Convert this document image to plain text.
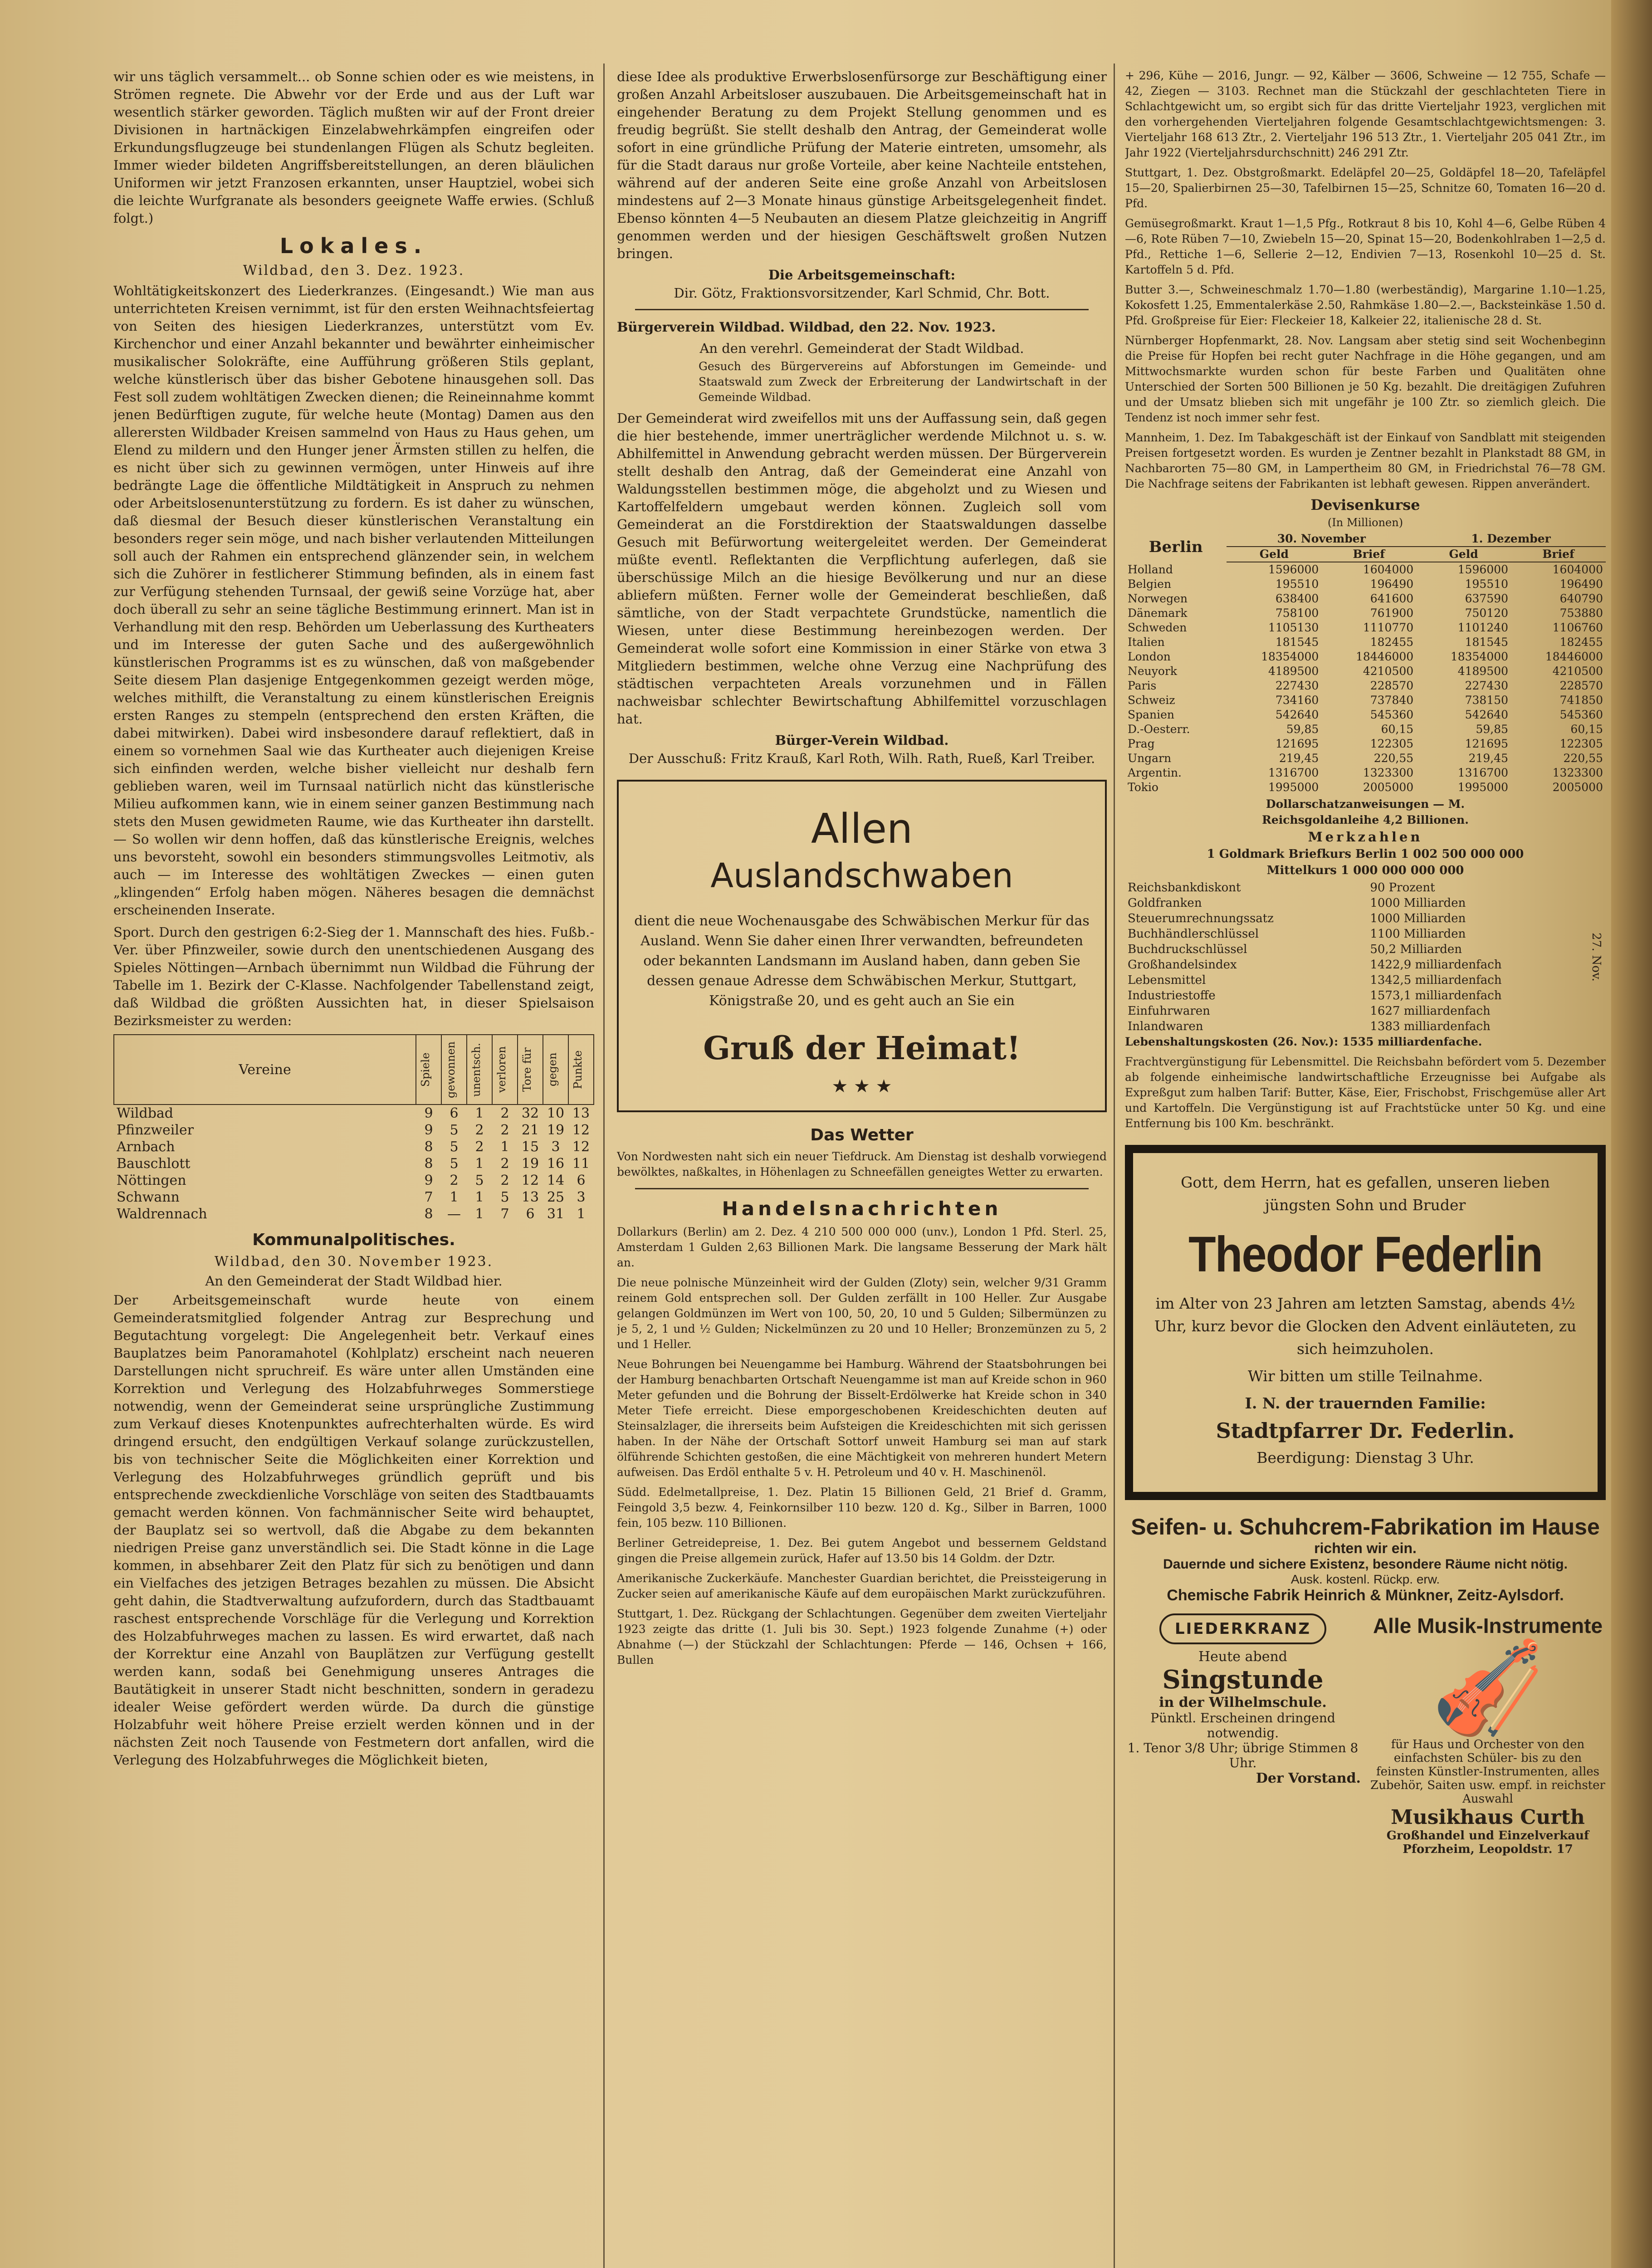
wir uns täglich versammelt... ob Sonne schien oder es wie meistens, in Strömen regnete. Die Abwehr vor der Erde und aus der Luft war wesentlich stärker geworden. Täglich mußten wir auf der Front dreier Divisionen in hartnäckigen Einzelabwehrkämpfen eingreifen oder Erkundungsflugzeuge bei stundenlangen Flügen als Schutz begleiten. Immer wieder bildeten Angriffsbereitstellungen, an deren bläulichen Uniformen wir jetzt Franzosen erkannten, unser Hauptziel, wobei sich die leichte Wurfgranate als besonders geeignete Waffe erwies. (Schluß folgt.)

Lokales.
Wildbad, den 3. Dez. 1923.

Wohltätigkeitskonzert des Liederkranzes. (Eingesandt.) Wie man aus unterrichteten Kreisen vernimmt, ist für den ersten Weihnachtsfeiertag von Seiten des hiesigen Liederkranzes, unterstützt vom Ev. Kirchenchor und einer Anzahl bekannter und bewährter einheimischer musikalischer Solokräfte, eine Aufführung größeren Stils geplant, welche künstlerisch über das bisher Gebotene hinausgehen soll. Das Fest soll zudem wohltätigen Zwecken dienen; die Reineinnahme kommt jenen Bedürftigen zugute, für welche heute (Montag) Damen aus den allerersten Wildbader Kreisen sammelnd von Haus zu Haus gehen, um Elend zu mildern und den Hunger jener Ärmsten stillen zu helfen, die es nicht über sich zu gewinnen vermögen, unter Hinweis auf ihre bedrängte Lage die öffentliche Mildtätigkeit in Anspruch zu nehmen oder Arbeitslosenunterstützung zu fordern. Es ist daher zu wünschen, daß diesmal der Besuch dieser künstlerischen Veranstaltung ein besonders reger sein möge, und nach bisher verlautenden Mitteilungen soll auch der Rahmen ein entsprechend glänzender sein, in welchem sich die Zuhörer in festlicherer Stimmung befinden, als in einem fast zur Verfügung stehenden Turnsaal, der gewiß seine Vorzüge hat, aber doch überall zu sehr an seine tägliche Bestimmung erinnert. Man ist in Verhandlung mit den resp. Behörden um Ueberlassung des Kurtheaters und im Interesse der guten Sache und des außergewöhnlich künstlerischen Programms ist es zu wünschen, daß von maßgebender Seite diesem Plan dasjenige Entgegenkommen gezeigt werden möge, welches mithilft, die Veranstaltung zu einem künstlerischen Ereignis ersten Ranges zu stempeln (entsprechend den ersten Kräften, die dabei mitwirken). Dabei wird insbesondere darauf reflektiert, daß in einem so vornehmen Saal wie das Kurtheater auch diejenigen Kreise sich einfinden werden, welche bisher vielleicht nur deshalb fern geblieben waren, weil im Turnsaal natürlich nicht das künstlerische Milieu aufkommen kann, wie in einem seiner ganzen Bestimmung nach stets den Musen gewidmeten Raume, wie das Kurtheater ihn darstellt. — So wollen wir denn hoffen, daß das künstlerische Ereignis, welches uns bevorsteht, sowohl ein besonders stimmungsvolles Leitmotiv, als auch — im Interesse des wohltätigen Zweckes — einen guten „klingenden“ Erfolg haben mögen. Näheres besagen die demnächst erscheinenden Inserate.

Sport. Durch den gestrigen 6:2-Sieg der 1. Mannschaft des hies. Fußb.-Ver. über Pfinzweiler, sowie durch den unentschiedenen Ausgang des Spieles Nöttingen—Arnbach übernimmt nun Wildbad die Führung der Tabelle im 1. Bezirk der C-Klasse. Nachfolgender Tabellenstand zeigt, daß Wildbad die größten Aussichten hat, in dieser Spielsaison Bezirksmeister zu werden:

Vereine	Spiele	gewonnen	unentsch.	verloren	Tore für	gegen	Punkte

Wildbad	9	6	1	2	32	10	13
Pfinzweiler	9	5	2	2	21	19	12
Arnbach	8	5	2	1	15	3	12
Bauschlott	8	5	1	2	19	16	11
Nöttingen	9	2	5	2	12	14	6
Schwann	7	1	1	5	13	25	3
Waldrennach	8	—	1	7	6	31	1
Kommunalpolitisches.
Wildbad, den 30. November 1923.
An den Gemeinderat der Stadt Wildbad hier.

Der Arbeitsgemeinschaft wurde heute von einem Gemeinderatsmitglied folgender Antrag zur Besprechung und Begutachtung vorgelegt: Die Angelegenheit betr. Verkauf eines Bauplatzes beim Panoramahotel (Kohlplatz) erscheint nach neueren Darstellungen nicht spruchreif. Es wäre unter allen Umständen eine Korrektion und Verlegung des Holzabfuhrweges Sommerstiege notwendig, wenn der Gemeinderat seine ursprüngliche Zustimmung zum Verkauf dieses Knotenpunktes aufrechterhalten würde. Es wird dringend ersucht, den endgültigen Verkauf solange zurückzustellen, bis von technischer Seite die Möglichkeiten einer Korrektion und Verlegung des Holzabfuhrweges gründlich geprüft und bis entsprechende zweckdienliche Vorschläge von seiten des Stadtbauamts gemacht werden können. Von fachmännischer Seite wird behauptet, der Bauplatz sei so wertvoll, daß die Abgabe zu dem bekannten niedrigen Preise ganz unverständlich sei. Die Stadt könne in die Lage kommen, in absehbarer Zeit den Platz für sich zu benötigen und dann ein Vielfaches des jetzigen Betrages bezahlen zu müssen. Die Absicht geht dahin, die Stadtverwaltung aufzufordern, durch das Stadtbauamt raschest entsprechende Vorschläge für die Verlegung und Korrektion des Holzabfuhrweges machen zu lassen. Es wird erwartet, daß nach der Korrektur eine Anzahl von Bauplätzen zur Verfügung gestellt werden kann, sodaß bei Genehmigung unseres Antrages die Bautätigkeit in unserer Stadt nicht beschnitten, sondern in geradezu idealer Weise gefördert werden würde. Da durch die günstige Holzabfuhr weit höhere Preise erzielt werden können und in der nächsten Zeit noch Tausende von Festmetern dort anfallen, wird die Verlegung des Holzabfuhrweges die Möglichkeit bieten,

diese Idee als produktive Erwerbslosenfürsorge zur Beschäftigung einer großen Anzahl Arbeitsloser auszubauen. Die Arbeitsgemeinschaft hat in eingehender Beratung zu dem Projekt Stellung genommen und es freudig begrüßt. Sie stellt deshalb den Antrag, der Gemeinderat wolle sofort in eine gründliche Prüfung der Materie eintreten, umsomehr, als für die Stadt daraus nur große Vorteile, aber keine Nachteile entstehen, während auf der anderen Seite eine große Anzahl von Arbeitslosen mindestens auf 2—3 Monate hinaus günstige Arbeitsgelegenheit findet. Ebenso könnten 4—5 Neubauten an diesem Platze gleichzeitig in Angriff genommen werden und der hiesigen Geschäftswelt großen Nutzen bringen.

Die Arbeitsgemeinschaft:
Dir. Götz, Fraktionsvorsitzender, Karl Schmid, Chr. Bott.

Bürgerverein Wildbad. Wildbad, den 22. Nov. 1923.

An den verehrl. Gemeinderat der Stadt Wildbad.

Gesuch des Bürgervereins auf Abforstungen im Gemeinde- und Staatswald zum Zweck der Erbreiterung der Landwirtschaft in der Gemeinde Wildbad.

Der Gemeinderat wird zweifellos mit uns der Auffassung sein, daß gegen die hier bestehende, immer unerträglicher werdende Milchnot u. s. w. Abhilfemittel in Anwendung gebracht werden müssen. Der Bürgerverein stellt deshalb den Antrag, daß der Gemeinderat eine Anzahl von Waldungsstellen bestimmen möge, die abgeholzt und zu Wiesen und Kartoffelfeldern umgebaut werden können. Zugleich soll vom Gemeinderat an die Forstdirektion der Staatswaldungen dasselbe Gesuch mit Befürwortung weitergeleitet werden. Der Gemeinderat müßte eventl. Reflektanten die Verpflichtung auferlegen, daß sie überschüssige Milch an die hiesige Bevölkerung und nur an diese abliefern müßten. Ferner wolle der Gemeinderat beschließen, daß sämtliche, von der Stadt verpachtete Grundstücke, namentlich die Wiesen, unter diese Bestimmung hereinbezogen werden. Der Gemeinderat wolle sofort eine Kommission in einer Stärke von etwa 3 Mitgliedern bestimmen, welche ohne Verzug eine Nachprüfung des städtischen verpachteten Areals vorzunehmen und in Fällen nachweisbar schlechter Bewirtschaftung Abhilfemittel vorzuschlagen hat.

Bürger-Verein Wildbad.
Der Ausschuß: Fritz Krauß, Karl Roth, Wilh. Rath, Rueß, Karl Treiber.
Allen
Auslandschwaben
dient die neue Wochenausgabe des Schwäbischen Merkur für das Ausland. Wenn Sie daher einen Ihrer verwandten, befreundeten oder bekannten Landsmann im Ausland haben, dann geben Sie dessen genaue Adresse dem Schwäbischen Merkur, Stuttgart, Königstraße 20, und es geht auch an Sie ein
Gruß der Heimat!
★ ★ ★
Das Wetter

Von Nordwesten naht sich ein neuer Tiefdruck. Am Dienstag ist deshalb vorwiegend bewölktes, naßkaltes, in Höhenlagen zu Schneefällen geneigtes Wetter zu erwarten.

Handelsnachrichten

Dollarkurs (Berlin) am 2. Dez. 4 210 500 000 000 (unv.), London 1 Pfd. Sterl. 25, Amsterdam 1 Gulden 2,63 Billionen Mark. Die langsame Besserung der Mark hält an.

Die neue polnische Münzeinheit wird der Gulden (Zloty) sein, welcher 9/31 Gramm reinem Gold entsprechen soll. Der Gulden zerfällt in 100 Heller. Zur Ausgabe gelangen Goldmünzen im Wert von 100, 50, 20, 10 und 5 Gulden; Silbermünzen zu je 5, 2, 1 und ½ Gulden; Nickelmünzen zu 20 und 10 Heller; Bronzemünzen zu 5, 2 und 1 Heller.

Neue Bohrungen bei Neuengamme bei Hamburg. Während der Staatsbohrungen bei der Hamburg benachbarten Ortschaft Neuengamme ist man auf Kreide schon in 960 Meter gefunden und die Bohrung der Bisselt-Erdölwerke hat Kreide schon in 340 Meter Tiefe erreicht. Diese emporgeschobenen Kreideschichten deuten auf Steinsalzlager, die ihrerseits beim Aufsteigen die Kreideschichten mit sich gerissen haben. In der Nähe der Ortschaft Sottorf unweit Hamburg sei man auf stark ölführende Schichten gestoßen, die eine Mächtigkeit von mehreren hundert Metern aufweisen. Das Erdöl enthalte 5 v. H. Petroleum und 40 v. H. Maschinenöl.

Südd. Edelmetallpreise, 1. Dez. Platin 15 Billionen Geld, 21 Brief d. Gramm, Feingold 3,5 bezw. 4, Feinkornsilber 110 bezw. 120 d. Kg., Silber in Barren, 1000 fein, 105 bezw. 110 Billionen.

Berliner Getreidepreise, 1. Dez. Bei gutem Angebot und bessernem Geldstand gingen die Preise allgemein zurück, Hafer auf 13.50 bis 14 Goldm. der Dztr.

Amerikanische Zuckerkäufe. Manchester Guardian berichtet, die Preissteigerung in Zucker seien auf amerikanische Käufe auf dem europäischen Markt zurückzuführen.

Stuttgart, 1. Dez. Rückgang der Schlachtungen. Gegenüber dem zweiten Vierteljahr 1923 zeigte das dritte (1. Juli bis 30. Sept.) 1923 folgende Zunahme (+) oder Abnahme (—) der Stückzahl der Schlachtungen: Pferde — 146, Ochsen + 166, Bullen

+ 296, Kühe — 2016, Jungr. — 92, Kälber — 3606, Schweine — 12 755, Schafe — 42, Ziegen — 3103. Rechnet man die Stückzahl der geschlachteten Tiere in Schlachtgewicht um, so ergibt sich für das dritte Vierteljahr 1923, verglichen mit den vorhergehenden Vierteljahren folgende Gesamtschlachtgewichtsmengen: 3. Vierteljahr 168 613 Ztr., 2. Vierteljahr 196 513 Ztr., 1. Vierteljahr 205 041 Ztr., im Jahr 1922 (Vierteljahrsdurchschnitt) 246 291 Ztr.

Stuttgart, 1. Dez. Obstgroßmarkt. Edeläpfel 20—25, Goldäpfel 18—20, Tafeläpfel 15—20, Spalierbirnen 25—30, Tafelbirnen 15—25, Schnitze 60, Tomaten 16—20 d. Pfd.

Gemüsegroßmarkt. Kraut 1—1,5 Pfg., Rotkraut 8 bis 10, Kohl 4—6, Gelbe Rüben 4—6, Rote Rüben 7—10, Zwiebeln 15—20, Spinat 15—20, Bodenkohlraben 1—2,5 d. Pfd., Rettiche 1—6, Sellerie 2—12, Endivien 7—13, Rosenkohl 10—25 d. St. Kartoffeln 5 d. Pfd.

Butter 3.—, Schweineschmalz 1.70—1.80 (werbeständig), Margarine 1.10—1.25, Kokosfett 1.25, Emmentalerkäse 2.50, Rahmkäse 1.80—2.—, Backsteinkäse 1.50 d. Pfd. Großpreise für Eier: Fleckeier 18, Kalkeier 22, italienische 28 d. St.

Nürnberger Hopfenmarkt, 28. Nov. Langsam aber stetig sind seit Wochenbeginn die Preise für Hopfen bei recht guter Nachfrage in die Höhe gegangen, und am Mittwochsmarkte wurden schon für beste Farben und Qualitäten ohne Unterschied der Sorten 500 Billionen je 50 Kg. bezahlt. Die dreitägigen Zufuhren und der Umsatz blieben sich mit ungefähr je 100 Ztr. so ziemlich gleich. Die Tendenz ist noch immer sehr fest.

Mannheim, 1. Dez. Im Tabakgeschäft ist der Einkauf von Sandblatt mit steigenden Preisen fortgesetzt worden. Es wurden je Zentner bezahlt in Plankstadt 88 GM, in Nachbarorten 75—80 GM, in Lampertheim 80 GM, in Friedrichstal 76—78 GM. Die Nachfrage seitens der Fabrikanten ist lebhaft gewesen. Rippen anverändert.

Devisenkurse
(In Millionen)
Berlin	30. November		1. Dezember	
	Geld	Brief	Geld	Brief
Holland	1596000	1604000	1596000	1604000
Belgien	195510	196490	195510	196490
Norwegen	638400	641600	637590	640790
Dänemark	758100	761900	750120	753880
Schweden	1105130	1110770	1101240	1106760
Italien	181545	182455	181545	182455
London	18354000	18446000	18354000	18446000
Neuyork	4189500	4210500	4189500	4210500
Paris	227430	228570	227430	228570
Schweiz	734160	737840	738150	741850
Spanien	542640	545360	542640	545360
D.-Oesterr.	59,85	60,15	59,85	60,15
Prag	121695	122305	121695	122305
Ungarn	219,45	220,55	219,45	220,55
Argentin.	1316700	1323300	1316700	1323300
Tokio	1995000	2005000	1995000	2005000
Dollarschatzanweisungen — M.
Reichsgoldanleihe 4,2 Billionen.
Merkzahlen
1 Goldmark Briefkurs Berlin 1 002 500 000 000
Mittelkurs 1 000 000 000 000
Reichsbankdiskont	90 Prozent
Goldfranken	1000 Milliarden
Steuerumrechnungssatz	1000 Milliarden
Buchhändlerschlüssel	1100 Milliarden
Buchdruckschlüssel	50,2 Milliarden
Großhandelsindex	1422,9 milliardenfach
Lebensmittel	1342,5 milliardenfach
Industriestoffe	1573,1 milliardenfach
Einfuhrwaren	1627 milliardenfach
Inlandwaren	1383 milliardenfach
27. Nov.

Lebenshaltungskosten (26. Nov.): 1535 milliardenfache.

Frachtvergünstigung für Lebensmittel. Die Reichsbahn befördert vom 5. Dezember ab folgende einheimische landwirtschaftliche Erzeugnisse bei Aufgabe als Expreßgut zum halben Tarif: Butter, Käse, Eier, Frischobst, Frischgemüse aller Art und Kartoffeln. Die Vergünstigung ist auf Frachtstücke unter 50 Kg. und eine Entfernung bis 100 Km. beschränkt.

Gott, dem Herrn, hat es gefallen, unseren lieben jüngsten Sohn und Bruder

Theodor Federlin

im Alter von 23 Jahren am letzten Samstag, abends 4½ Uhr, kurz bevor die Glocken den Advent einläuteten, zu sich heimzuholen.

Wir bitten um stille Teilnahme.

I. N. der trauernden Familie:

Stadtpfarrer Dr. Federlin.

Beerdigung: Dienstag 3 Uhr.

Seifen- u. Schuhcrem-Fabrikation im Hause
richten wir ein.
Dauernde und sichere Existenz, besondere Räume nicht nötig.
Ausk. kostenl. Rückp. erw.
Chemische Fabrik Heinrich & Münkner, Zeitz-Aylsdorf.
LIEDERKRANZ
Heute abend
Singstunde
in der Wilhelmschule.
Pünktl. Erscheinen dringend notwendig.
1. Tenor 3/8 Uhr; übrige Stimmen 8 Uhr.
Der Vorstand.
Alle Musik-Instrumente
🎻
für Haus und Orchester von den einfachsten Schüler- bis zu den feinsten Künstler-Instrumenten, alles Zubehör, Saiten usw. empf. in reichster Auswahl
Musikhaus Curth
Großhandel und Einzelverkauf Pforzheim, Leopoldstr. 17
